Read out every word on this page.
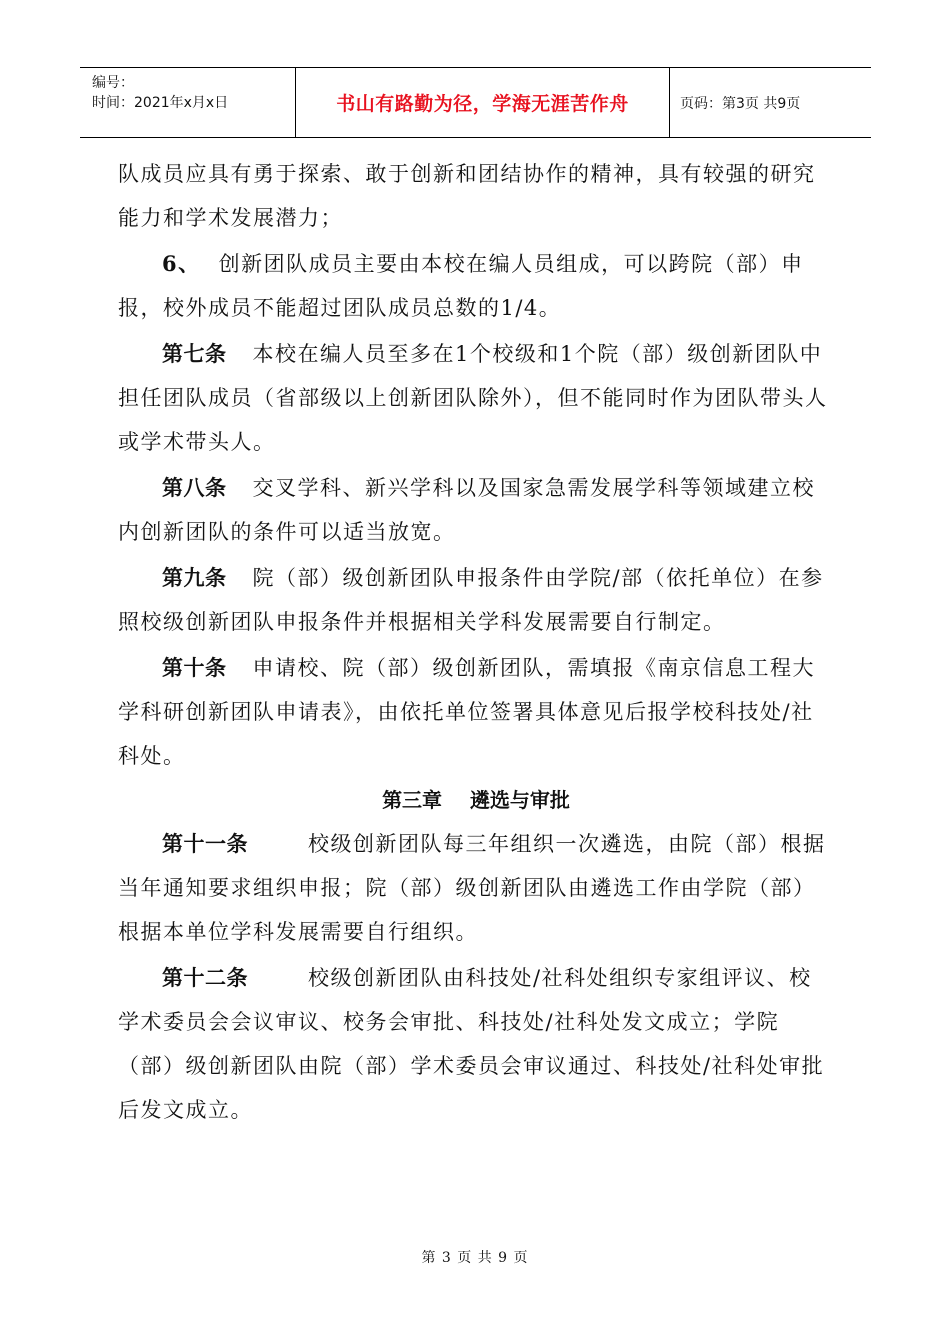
编号：
时间：2021年x月x日	书山有路勤为径，学海无涯苦作舟	页码：第3页 共9页

队成员应具有勇于探索、敢于创新和团结协作的精神，具有较强的研究能力和学术发展潜力；

6、 创新团队成员主要由本校在编人员组成，可以跨院（部）申报，校外成员不能超过团队成员总数的1/4。

第七条 本校在编人员至多在1个校级和1个院（部）级创新团队中担任团队成员（省部级以上创新团队除外），但不能同时作为团队带头人或学术带头人。

第八条 交叉学科、新兴学科以及国家急需发展学科等领域建立校内创新团队的条件可以适当放宽。

第九条 院（部）级创新团队申报条件由学院/部（依托单位）在参照校级创新团队申报条件并根据相关学科发展需要自行制定。

第十条 申请校、院（部）级创新团队，需填报《南京信息工程大学科研创新团队申请表》，由依托单位签署具体意见后报学校科技处/社科处。

第三章    遴选与审批

第十一条	校级创新团队每三年组织一次遴选，由院（部）根据当年通知要求组织申报；院（部）级创新团队由遴选工作由学院（部）根据本单位学科发展需要自行组织。

第十二条	校级创新团队由科技处/社科处组织专家组评议、校学术委员会会议审议、校务会审批、科技处/社科处发文成立；学院（部）级创新团队由院（部）学术委员会审议通过、科技处/社科处审批后发文成立。

第 3 页 共 9 页
